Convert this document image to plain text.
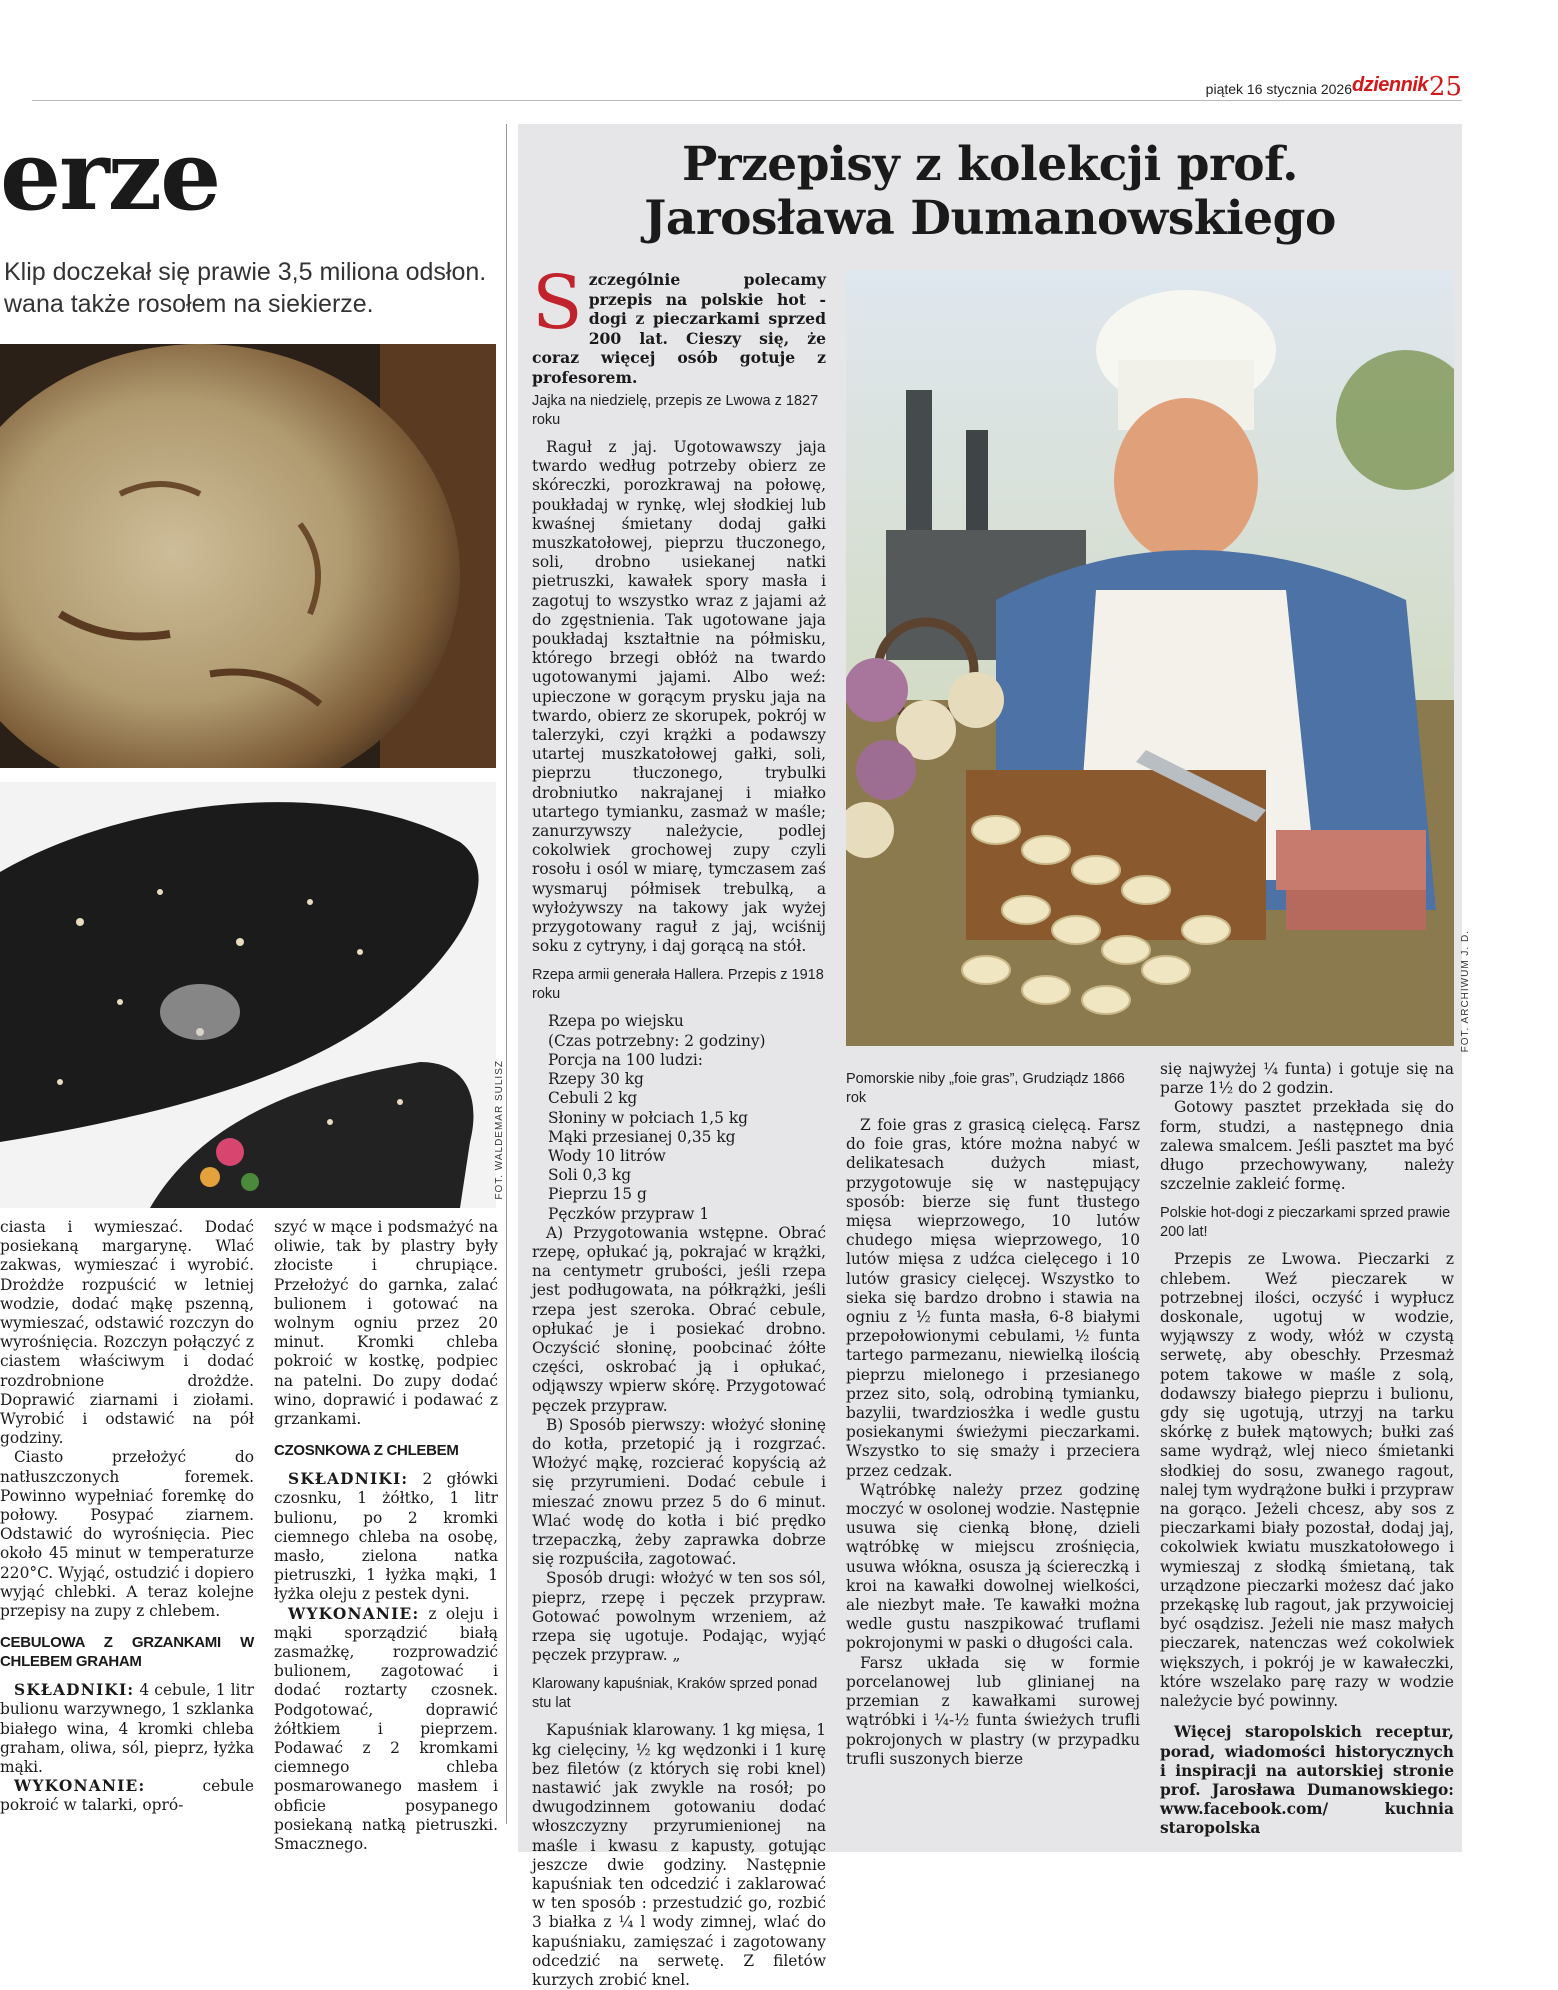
piątek 16 stycznia 2026 dziennik 25
erze
Klip doczekał się prawie 3,5 miliona odsłon.
wana także rosołem na siekierze.
FOT. WALDEMAR SULISZ

ciasta i wymieszać. Dodać posiekaną margarynę. Wlać zakwas, wymieszać i wyrobić. Drożdże rozpuścić w letniej wodzie, dodać mąkę pszenną, wymieszać, odstawić rozczyn do wyrośnięcia. Rozczyn połączyć z ciastem właściwym i dodać rozdrobnione drożdże. Doprawić ziarnami i ziołami. Wyrobić i odstawić na pół godziny.

Ciasto przełożyć do natłuszczonych foremek. Powinno wypełniać foremkę do połowy. Posypać ziarnem. Odstawić do wyrośnięcia. Piec około 45 minut w temperaturze 220°C. Wyjąć, ostudzić i dopiero wyjąć chlebki. A teraz kolejne przepisy na zupy z chlebem.

CEBULOWA Z GRZANKAMI W CHLEBEM GRAHAM

SKŁADNIKI: 4 cebule, 1 litr bulionu warzywnego, 1 szklanka białego wina, 4 kromki chleba graham, oliwa, sól, pieprz, łyżka mąki.

WYKONANIE: cebule pokroić w talarki, opró-

szyć w mące i podsmażyć na oliwie, tak by plastry były złociste i chrupiące. Przełożyć do garnka, zalać bulionem i gotować na wolnym ogniu przez 20 minut. Kromki chleba pokroić w kostkę, podpiec na patelni. Do zupy dodać wino, doprawić i podawać z grzankami.

CZOSNKOWA Z CHLEBEM

SKŁADNIKI: 2 główki czosnku, 1 żółtko, 1 litr bulionu, po 2 kromki ciemnego chleba na osobę, masło, zielona natka pietruszki, 1 łyżka mąki, 1 łyżka oleju z pestek dyni.

WYKONANIE: z oleju i mąki sporządzić białą zasmażkę, rozprowadzić bulionem, zagotować i dodać roztarty czosnek. Podgotować, doprawić żółtkiem i pieprzem. Podawać z 2 kromkami ciemnego chleba posmarowanego masłem i obficie posypanego posiekaną natką pietruszki. Smacznego.

Przepisy z kolekcji prof. Jarosława Dumanowskiego
Szczególnie polecamy przepis na polskie hot - dogi z pieczarkami sprzed 200 lat. Cieszy się, że coraz więcej osób gotuje z profesorem.
FOT. ARCHIWUM J. D.

Jajka na niedzielę, przepis ze Lwowa z 1827 roku

Raguł z jaj. Ugotowawszy jaja twardo według potrzeby obierz ze skóreczki, porozkrawaj na połowę, poukładaj w rynkę, wlej słodkiej lub kwaśnej śmietany dodaj gałki muszkatołowej, pieprzu tłuczonego, soli, drobno usiekanej natki pietruszki, kawałek spory masła i zagotuj to wszystko wraz z jajami aż do zgęstnienia. Tak ugotowane jaja poukładaj kształtnie na półmisku, którego brzegi obłóż na twardo ugotowanymi jajami. Albo weź: upieczone w gorącym prysku jaja na twardo, obierz ze skorupek, pokrój w talerzyki, czyi krążki a podawszy utartej muszkatołowej gałki, soli, pieprzu tłuczonego, trybulki drobniutko nakrajanej i miałko utartego tymianku, zasmaż w maśle; zanurzywszy należycie, podlej cokolwiek grochowej zupy czyli rosołu i osól w miarę, tymczasem zaś wysmaruj półmisek trebulką, a wyłożywszy na takowy jak wyżej przygotowany raguł z jaj, wciśnij soku z cytryny, i daj gorącą na stół.

Rzepa armii generała Hallera. Przepis z 1918 roku

Rzepa po wiejsku

(Czas potrzebny: 2 godziny)

Porcja na 100 ludzi:

Rzepy 30 kg

Cebuli 2 kg

Słoniny w połciach 1,5 kg

Mąki przesianej 0,35 kg

Wody 10 litrów

Soli 0,3 kg

Pieprzu 15 g

Pęczków przypraw 1

A) Przygotowania wstępne. Obrać rzepę, opłukać ją, pokrajać w krążki, na centymetr grubości, jeśli rzepa jest podługowata, na półkrążki, jeśli rzepa jest szeroka. Obrać cebule, opłukać je i posiekać drobno. Oczyścić słoninę, poobcinać żółte części, oskrobać ją i opłukać, odjąwszy wpierw skórę. Przygotować pęczek przypraw.

B) Sposób pierwszy: włożyć słoninę do kotła, przetopić ją i rozgrzać. Włożyć mąkę, rozcierać kopyścią aż się przyrumieni. Dodać cebule i mieszać znowu przez 5 do 6 minut. Wlać wodę do kotła i bić prędko trzepaczką, żeby zaprawka dobrze się rozpuściła, zagotować.

Sposób drugi: włożyć w ten sos sól, pieprz, rzepę i pęczek przypraw. Gotować powolnym wrzeniem, aż rzepa się ugotuje. Podając, wyjąć pęczek przypraw. „

Klarowany kapuśniak, Kraków sprzed ponad stu lat

Kapuśniak klarowany. 1 kg mięsa, 1 kg cielęciny, ½ kg wędzonki i 1 kurę bez filetów (z których się robi knel) nastawić jak zwykle na rosół; po dwugodzinnem gotowaniu dodać włoszczyzny przyrumienionej na maśle i kwasu z kapusty, gotując jeszcze dwie godziny. Następnie kapuśniak ten odcedzić i zaklarować w ten sposób : przestudzić go, rozbić 3 białka z ¼ l wody zimnej, wlać do kapuśniaku, zamięszać i zagotowany odcedzić na serwetę. Z filetów kurzych zrobić knel.

Pomorskie niby „foie gras”, Grudziądz 1866 rok

Z foie gras z grasicą cielęcą. Farsz do foie gras, które można nabyć w delikatesach dużych miast, przygotowuje się w następujący sposób: bierze się funt tłustego mięsa wieprzowego, 10 lutów chudego mięsa wieprzowego, 10 lutów mięsa z udźca cielęcego i 10 lutów grasicy cielęcej. Wszystko to sieka się bardzo drobno i stawia na ogniu z ½ funta masła, 6-8 białymi przepołowionymi cebulami, ½ funta tartego parmezanu, niewielką ilością pieprzu mielonego i przesianego przez sito, solą, odrobiną tymianku, bazylii, twardziosżka i wedle gustu posiekanymi świeżymi pieczarkami. Wszystko to się smaży i przeciera przez cedzak.

Wątróbkę należy przez godzinę moczyć w osolonej wodzie. Następnie usuwa się cienką błonę, dzieli wątróbkę w miejscu zrośnięcia, usuwa włókna, osusza ją ściereczką i kroi na kawałki dowolnej wielkości, ale niezbyt małe. Te kawałki można wedle gustu naszpikować truflami pokrojonymi w paski o długości cala.

Farsz układa się w formie porcelanowej lub glinianej na przemian z kawałkami surowej wątróbki i ¼-½ funta świeżych trufli pokrojonych w plastry (w przypadku trufli suszonych bierze

się najwyżej ¼ funta) i gotuje się na parze 1½ do 2 godzin.

Gotowy pasztet przekłada się do form, studzi, a następnego dnia zalewa smalcem. Jeśli pasztet ma być długo przechowywany, należy szczelnie zakleić formę.

Polskie hot-dogi z pieczarkami sprzed prawie 200 lat!

Przepis ze Lwowa. Pieczarki z chlebem. Weź pieczarek w potrzebnej ilości, oczyść i wypłucz doskonale, ugotuj w wodzie, wyjąwszy z wody, włóż w czystą serwetę, aby obeschły. Przesmaż potem takowe w maśle z solą, dodawszy białego pieprzu i bulionu, gdy się ugotują, utrzyj na tarku skórkę z bułek mątowych; bułki zaś same wydrąż, wlej nieco śmietanki słodkiej do sosu, zwanego ragout, nalej tym wydrążone bułki i przypraw na gorąco. Jeżeli chcesz, aby sos z pieczarkami biały pozostał, dodaj jaj, cokolwiek kwiatu muszkatołowego i wymieszaj z słodką śmietaną, tak urządzone pieczarki możesz dać jako przekąskę lub ragout, jak przywoiciej być osądzisz. Jeżeli nie masz małych pieczarek, natenczas weź cokolwiek większych, i pokrój je w kawałeczki, które wszelako parę razy w wodzie należycie być powinny.

Więcej staropolskich receptur, porad, wiadomości historycznych i inspiracji na autorskiej stronie prof. Jarosława Dumanowskiego: www.facebook.com/ kuchnia staropolska
